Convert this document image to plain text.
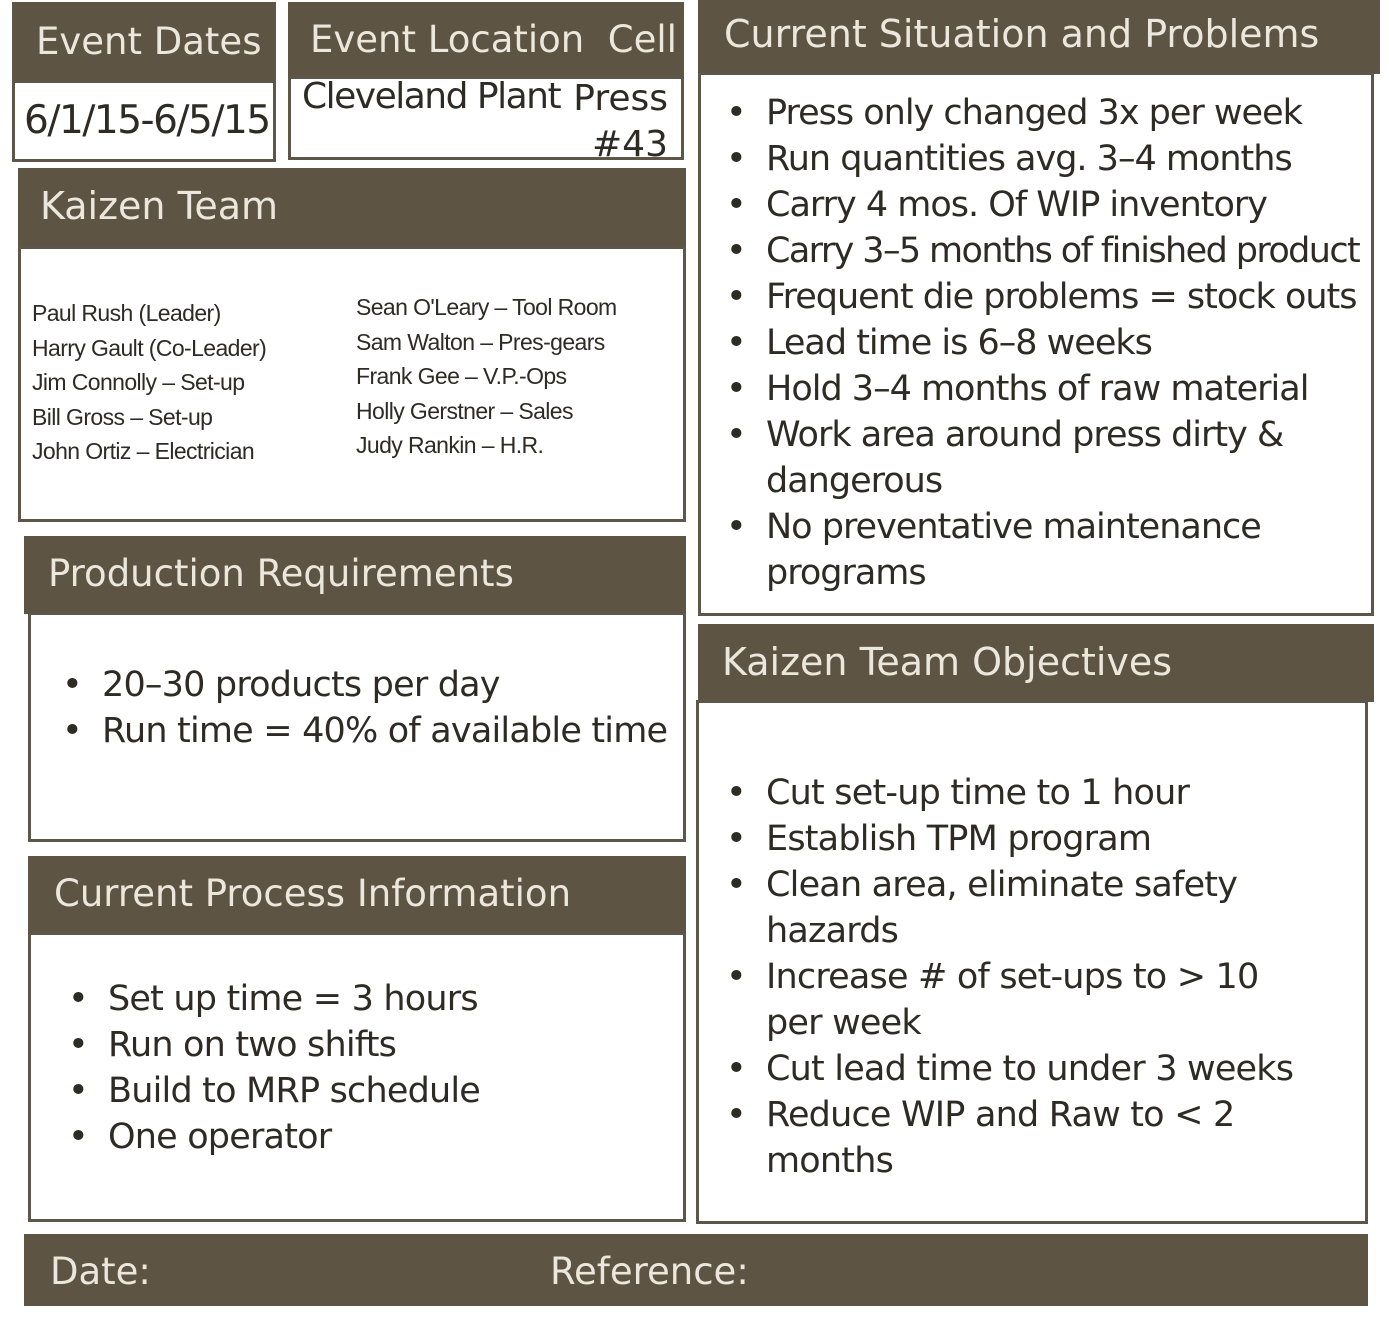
Event Dates
6/1/15-6/5/15
Event Location  Cell
Cleveland Plant Press #43
Kaizen Team
Paul Rush (Leader)
Harry Gault (Co-Leader)
Jim Connolly – Set-up
Bill Gross – Set-up
John Ortiz – Electrician
Sean O'Leary – Tool Room
Sam Walton – Pres-gears
Frank Gee – V.P.-Ops
Holly Gerstner – Sales
Judy Rankin – H.R.
Production Requirements
• 20–30 products per day
• Run time = 40% of available time
Current Process Information
• Set up time = 3 hours
• Run on two shifts
• Build to MRP schedule
• One operator
Current Situation and Problems
• Press only changed 3x per week
• Run quantities avg. 3–4 months
• Carry 4 mos. Of WIP inventory
• Carry 3–5 months of finished product
• Frequent die problems = stock outs
• Lead time is 6–8 weeks
• Hold 3–4 months of raw material
• Work area around press dirty & dangerous
• No preventative maintenance programs
Kaizen Team Objectives
• Cut set-up time to 1 hour
• Establish TPM program
• Clean area, eliminate safety hazards
• Increase # of set-ups to > 10 per week
• Cut lead time to under 3 weeks
• Reduce WIP and Raw to < 2 months
Date:	Reference:
